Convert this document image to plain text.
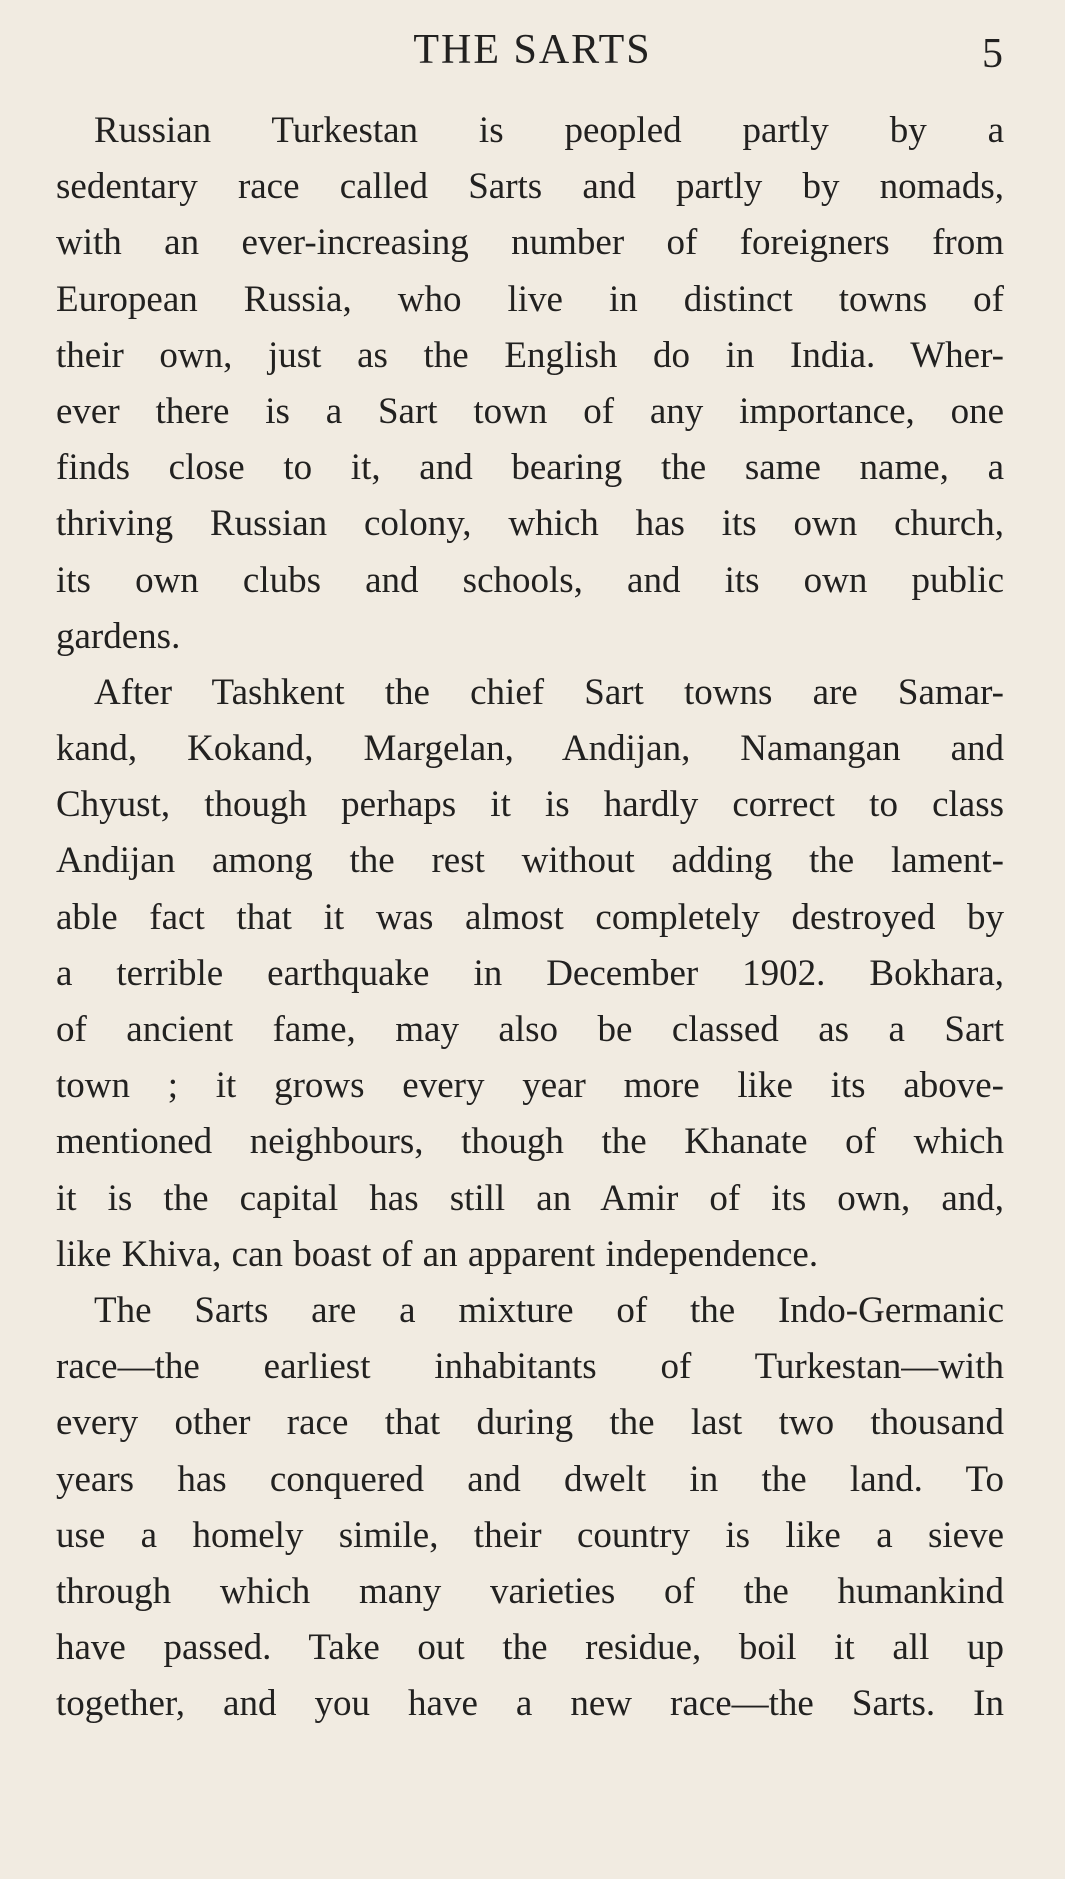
THE SARTS	5
Russian Turkestan is peopled partly by a
sedentary race called Sarts and partly by nomads,
with an ever-increasing number of foreigners from
European Russia, who live in distinct towns of
their own, just as the English do in India. Wher-
ever there is a Sart town of any importance, one
finds close to it, and bearing the same name, a
thriving Russian colony, which has its own church,
its own clubs and schools, and its own public
gardens.
After Tashkent the chief Sart towns are Samar-
kand, Kokand, Margelan, Andijan, Namangan and
Chyust, though perhaps it is hardly correct to class
Andijan among the rest without adding the lament-
able fact that it was almost completely destroyed by
a terrible earthquake in December 1902. Bokhara,
of ancient fame, may also be classed as a Sart
town ; it grows every year more like its above-
mentioned neighbours, though the Khanate of which
it is the capital has still an Amir of its own, and,
like Khiva, can boast of an apparent independence.
The Sarts are a mixture of the Indo-Germanic
race—the earliest inhabitants of Turkestan—with
every other race that during the last two thousand
years has conquered and dwelt in the land. To
use a homely simile, their country is like a sieve
through which many varieties of the humankind
have passed. Take out the residue, boil it all up
together, and you have a new race—the Sarts. In
